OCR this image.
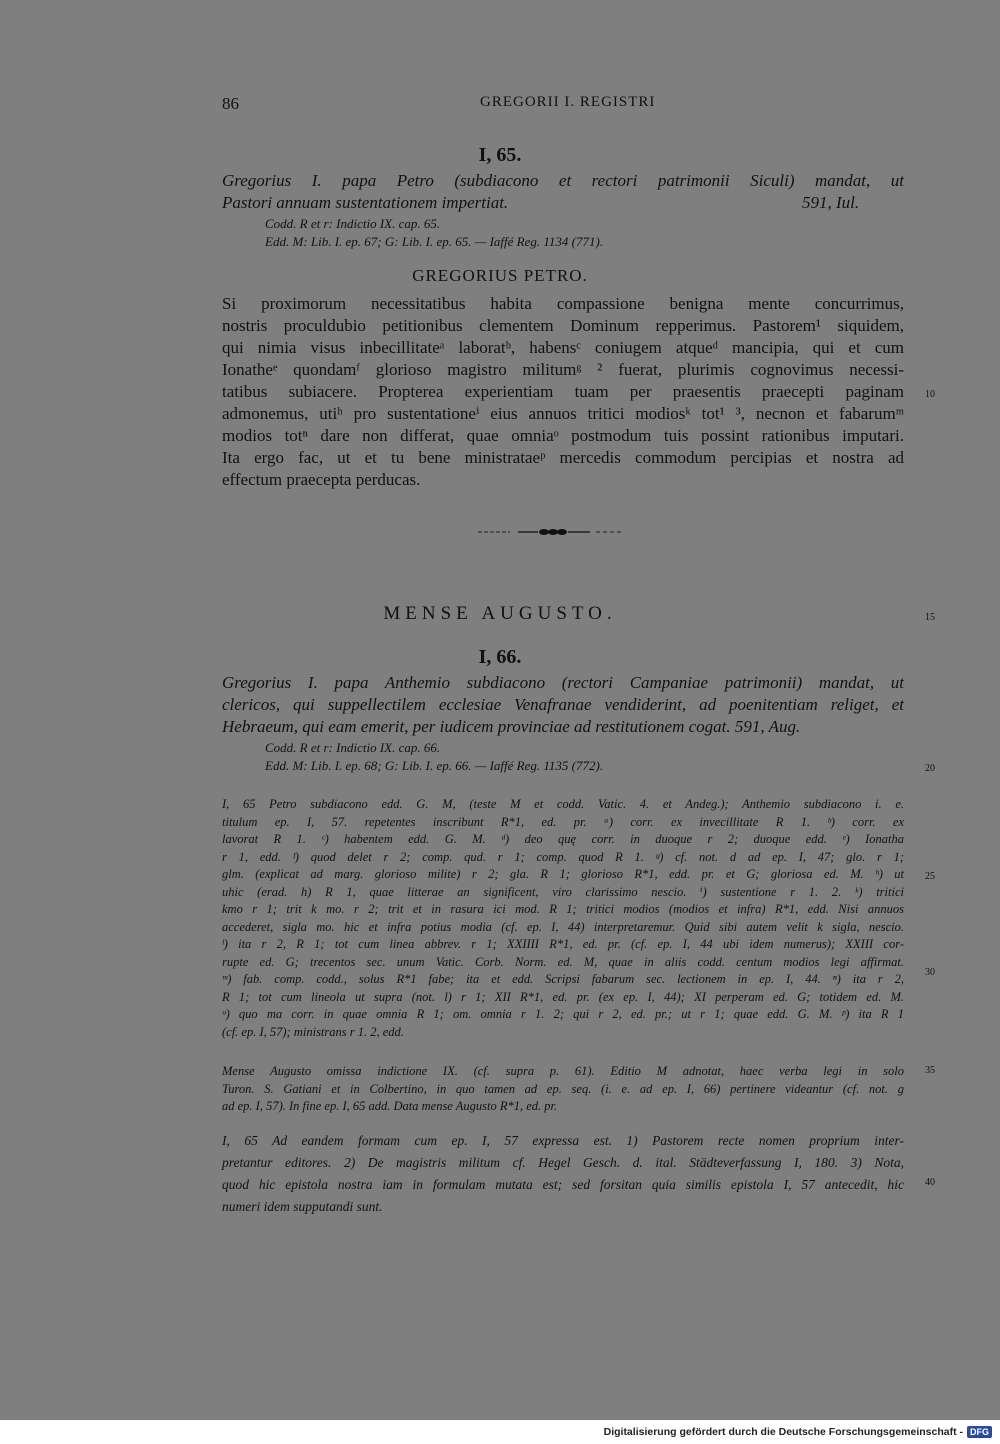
86	GREGORII I. REGISTRI
I, 65.
Gregorius I. papa Petro (subdiacono et rectori patrimonii Siculi) mandat, ut
Pastori annuam sustentationem impertiat.	591, Iul.
Codd. R et r: Indictio IX. cap. 65.
Edd. M: Lib. I. ep. 67; G: Lib. I. ep. 65. — Iaffé Reg. 1134 (771).
GREGORIUS PETRO.
Si proximorum necessitatibus habita compassione benigna mente concurrimus,
nostris proculdubio petitionibus clementem Dominum repperimus. Pastorem¹ siquidem,
qui nimia visus inbecillitateᵃ laboratᵇ, habensᶜ coniugem atqueᵈ mancipia, qui et cum
Ionatheᵉ quondamᶠ glorioso magistro militumᵍ ² fuerat, plurimis cognovimus necessi-
tatibus subiacere. Propterea experientiam tuam per praesentis praecepti paginam
admonemus, utiʰ pro sustentationeⁱ eius annuos tritici modiosᵏ tot¹ ³, necnon et fabarumᵐ
modios totⁿ dare non differat, quae omniaᵒ postmodum tuis possint rationibus imputari.
Ita ergo fac, ut et tu bene ministrataeᵖ mercedis commodum percipias et nostra ad
effectum praecepta perducas.
MENSE AUGUSTO.
I, 66.
Gregorius I. papa Anthemio subdiacono (rectori Campaniae patrimonii) mandat, ut
clericos, qui suppellectilem ecclesiae Venafranae vendiderint, ad poenitentiam religet, et
Hebraeum, qui eam emerit, per iudicem provinciae ad restitutionem cogat. 591, Aug.
Codd. R et r: Indictio IX. cap. 66.
Edd. M: Lib. I. ep. 68; G: Lib. I. ep. 66. — Iaffé Reg. 1135 (772).
I, 65 Petro subdiacono edd. G. M, (teste M et codd. Vatic. 4. et Andeg.); Anthemio subdiacono i. e.
titulum ep. I, 57. repetentes inscribunt R*1, ed. pr. ᵃ) corr. ex invecillitate R 1. ᵇ) corr. ex
lavorat R 1. ᶜ) habentem edd. G. M. ᵈ) deo quę corr. in duoque r 2; duoque edd. ᵉ) Ionatha
r 1, edd. ᶠ) quod delet r 2; comp. qud. r 1; comp. quod R 1. ᵍ) cf. not. d ad ep. I, 47; glo. r 1;
glm. (explicat ad marg. glorioso milite) r 2; gla. R 1; glorioso R*1, edd. pr. et G; gloriosa ed. M. ʰ) ut
uhic (erad. h) R 1, quae litterae an significent, viro clarissimo nescio. ⁱ) sustentione r 1. 2. ᵏ) tritici
kmo r 1; trit k mo. r 2; trit et in rasura ici mod. R 1; tritici modios (modios et infra) R*1, edd. Nisi annuos
accederet, sigla mo. hic et infra potius modia (cf. ep. I, 44) interpretaremur. Quid sibi autem velit k sigla, nescio.
ˡ) ita r 2, R 1; tot cum linea abbrev. r 1; XXIIII R*1, ed. pr. (cf. ep. I, 44 ubi idem numerus); XXIII cor-
rupte ed. G; trecentos sec. unum Vatic. Corb. Norm. ed. M, quae in aliis codd. centum modios legi affirmat.
ᵐ) fab. comp. codd., solus R*1 fabe; ita et edd. Scripsi fabarum sec. lectionem in ep. I, 44. ⁿ) ita r 2,
R 1; tot cum lineola ut supra (not. l) r 1; XII R*1, ed. pr. (ex ep. I, 44); XI perperam ed. G; totidem ed. M.
ᵒ) quo ma corr. in quae omnia R 1; om. omnia r 1. 2; qui r 2, ed. pr.; ut r 1; quae edd. G. M. ᵖ) ita R 1
(cf. ep. I, 57); ministrans r 1. 2, edd.
Mense Augusto omissa indictione IX. (cf. supra p. 61). Editio M adnotat, haec verba legi in solo
Turon. S. Gatiani et in Colbertino, in quo tamen ad ep. seq. (i. e. ad ep. I, 66) pertinere videantur (cf. not. g
ad ep. I, 57). In fine ep. I, 65 add. Data mense Augusto R*1, ed. pr.
I, 65 Ad eandem formam cum ep. I, 57 expressa est. 1) Pastorem recte nomen proprium inter-
pretantur editores. 2) De magistris militum cf. Hegel Gesch. d. ital. Städteverfassung I, 180. 3) Nota,
quod hic epistola nostra iam in formulam mutata est; sed forsitan quia similis epistola I, 57 antecedit, hic
numeri idem supputandi sunt.
10
15
20
25
30
35
40
Digitalisierung gefördert durch die Deutsche Forschungsgemeinschaft - DFG
